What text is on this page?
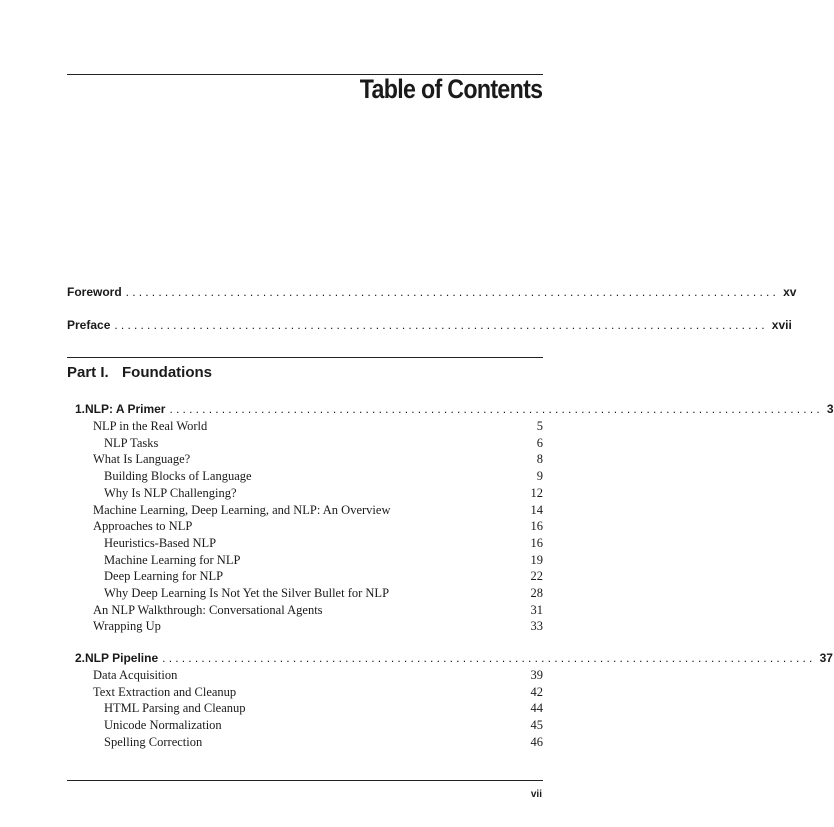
Table of Contents
Foreword .................................................................................................... xv
Preface .................................................................................................... xvii
Part I. Foundations
1. NLP: A Primer .................................................................................................... 3
NLP in the Real World	5
NLP Tasks	6
What Is Language?	8
Building Blocks of Language	9
Why Is NLP Challenging?	12
Machine Learning, Deep Learning, and NLP: An Overview	14
Approaches to NLP	16
Heuristics-Based NLP	16
Machine Learning for NLP	19
Deep Learning for NLP	22
Why Deep Learning Is Not Yet the Silver Bullet for NLP	28
An NLP Walkthrough: Conversational Agents	31
Wrapping Up	33
2. NLP Pipeline .................................................................................................... 37
Data Acquisition	39
Text Extraction and Cleanup	42
HTML Parsing and Cleanup	44
Unicode Normalization	45
Spelling Correction	46
vii
